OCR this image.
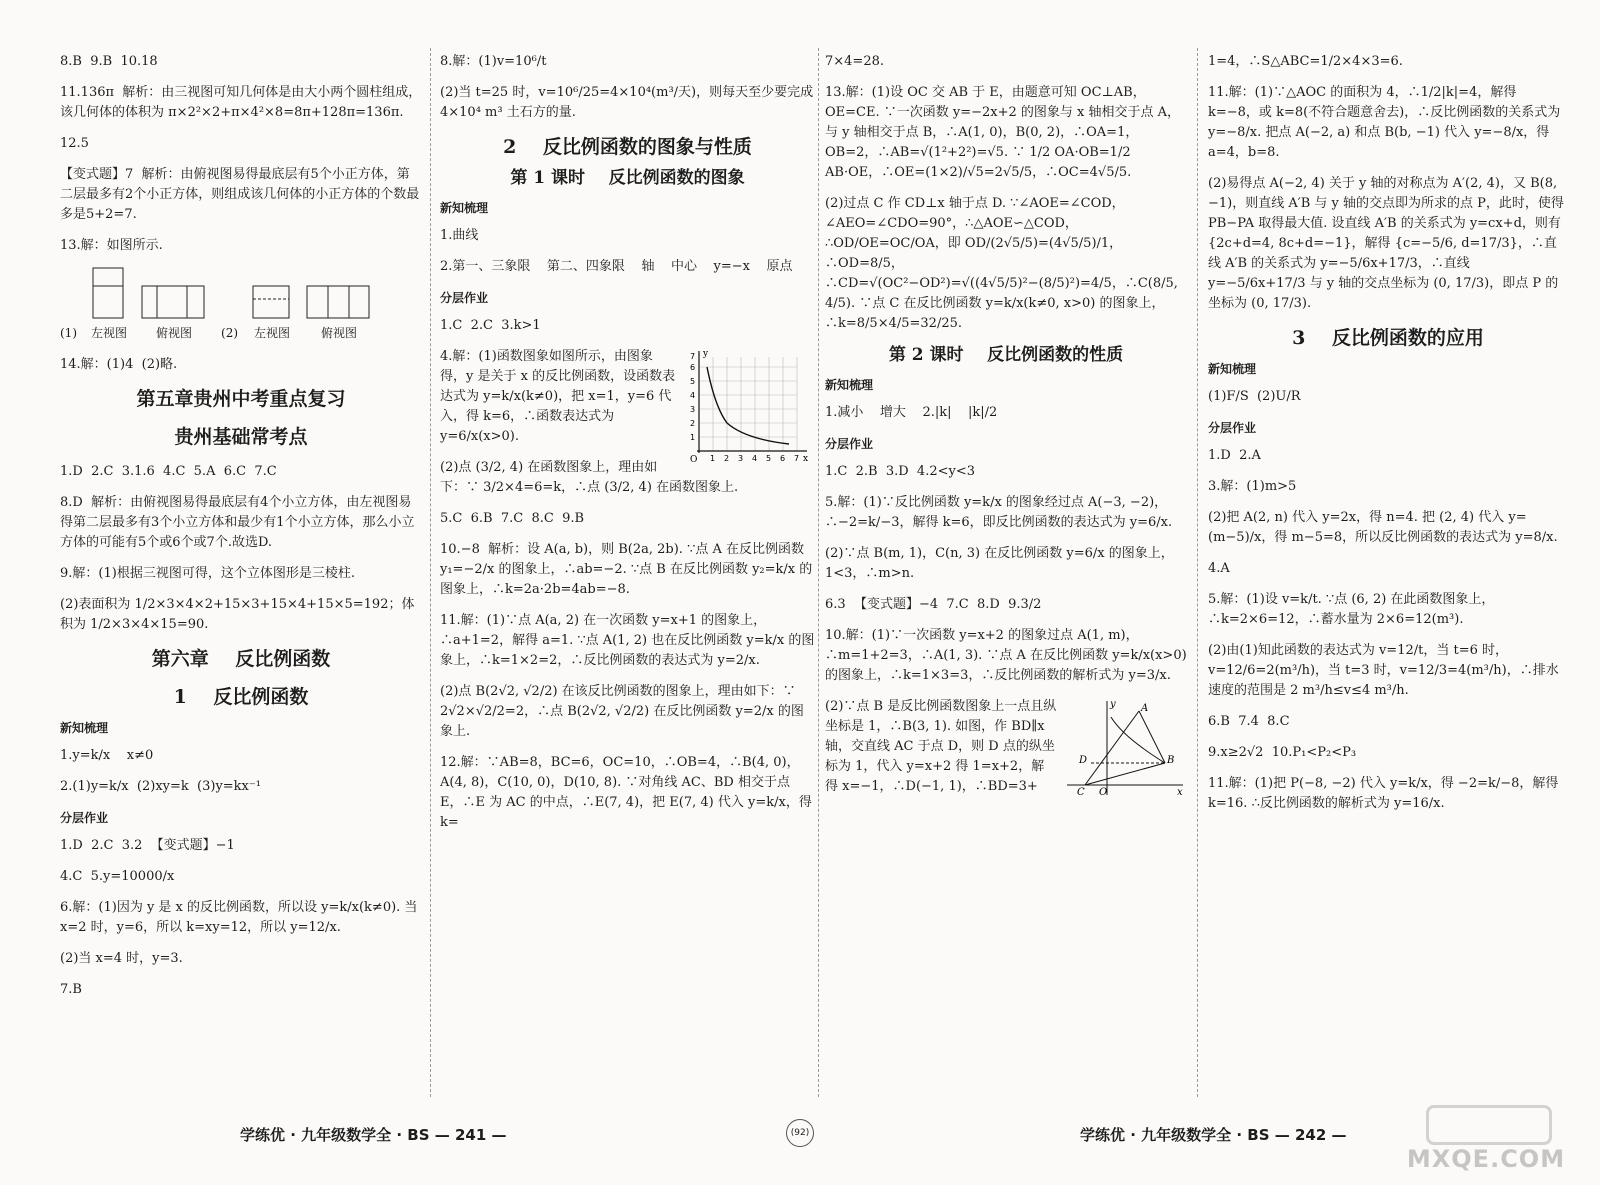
8.B  9.B  10.18

11.136π  解析：由三视图可知几何体是由大小两个圆柱组成，该几何体的体积为 π×2²×2+π×4²×8=8π+128π=136π.

12.5

【变式题】7  解析：由俯视图易得最底层有5个小正方体，第二层最多有2个小正方体，则组成该几何体的小正方体的个数最多是5+2=7.

13.解：如图所示.

(1) 左视图 俯视图 (2) 左视图	俯视图

14.解：(1)4  (2)略.

第五章贵州中考重点复习

贵州基础常考点

1.D  2.C  3.1.6  4.C  5.A  6.C  7.C

8.D  解析：由俯视图易得最底层有4个小立方体，由左视图易得第二层最多有3个小立方体和最少有1个小立方体，那么小立方体的可能有5个或6个或7个.故选D.

9.解：(1)根据三视图可得，这个立体图形是三棱柱.

(2)表面积为 1/2×3×4×2+15×3+15×4+15×5=192；体积为 1/2×3×4×15=90.

第六章    反比例函数

1    反比例函数

新知梳理

1.y=k/x    x≠0

2.(1)y=k/x  (2)xy=k  (3)y=kx⁻¹

分层作业

1.D  2.C  3.2  【变式题】−1

4.C  5.y=10000/x

6.解：(1)因为 y 是 x 的反比例函数，所以设 y=k/x(k≠0). 当 x=2 时，y=6，所以 k=xy=12，所以 y=12/x.

(2)当 x=4 时，y=3.

7.B

8.解：(1)v=10⁶/t

(2)当 t=25 时，v=10⁶/25=4×10⁴(m³/天)，则每天至少要完成 4×10⁴ m³ 土石方的量.

2    反比例函数的图象与性质

第 1 课时    反比例函数的图象

新知梳理

1.曲线

2.第一、三象限    第二、四象限    轴    中心    y=−x    原点

分层作业

1.C  2.C  3.k>1

y
x
O 1 2 3 4 5 6 7
1
2
3
4
5
6
7

4.解：(1)函数图象如图所示，由图象得，y 是关于 x 的反比例函数，设函数表达式为 y=k/x(k≠0)，把 x=1，y=6 代入，得 k=6，∴函数表达式为 y=6/x(x>0).

(2)点 (3/2, 4) 在函数图象上，理由如下：∵ 3/2×4=6=k，∴点 (3/2, 4) 在函数图象上.

5.C  6.B  7.C  8.C  9.B

10.−8  解析：设 A(a, b)，则 B(2a, 2b). ∵点 A 在反比例函数 y₁=−2/x 的图象上，∴ab=−2. ∵点 B 在反比例函数 y₂=k/x 的图象上，∴k=2a·2b=4ab=−8.

11.解：(1)∵点 A(a, 2) 在一次函数 y=x+1 的图象上，∴a+1=2，解得 a=1. ∵点 A(1, 2) 也在反比例函数 y=k/x 的图象上，∴k=1×2=2，∴反比例函数的表达式为 y=2/x.

(2)点 B(2√2, √2/2) 在该反比例函数的图象上，理由如下：∵ 2√2×√2/2=2，∴点 B(2√2, √2/2) 在反比例函数 y=2/x 的图象上.

12.解：∵AB=8，BC=6，OC=10，∴OB=4，∴B(4, 0)，A(4, 8)，C(10, 0)，D(10, 8). ∵对角线 AC、BD 相交于点 E，∴E 为 AC 的中点，∴E(7, 4)，把 E(7, 4) 代入 y=k/x，得 k=

7×4=28.

13.解：(1)设 OC 交 AB 于 E，由题意可知 OC⊥AB，OE=CE. ∵一次函数 y=−2x+2 的图象与 x 轴相交于点 A，与 y 轴相交于点 B，∴A(1, 0)，B(0, 2)，∴OA=1，OB=2，∴AB=√(1²+2²)=√5. ∵ 1/2 OA·OB=1/2 AB·OE，∴OE=(1×2)/√5=2√5/5，∴OC=4√5/5.

(2)过点 C 作 CD⊥x 轴于点 D. ∵∠AOE=∠COD，∠AEO=∠CDO=90°，∴△AOE∽△COD，∴OD/OE=OC/OA，即 OD/(2√5/5)=(4√5/5)/1，∴OD=8/5，∴CD=√(OC²−OD²)=√((4√5/5)²−(8/5)²)=4/5，∴C(8/5, 4/5). ∵点 C 在反比例函数 y=k/x(k≠0, x>0) 的图象上，∴k=8/5×4/5=32/25.

第 2 课时    反比例函数的性质

新知梳理

1.减小    增大    2.|k|    |k|/2

分层作业

1.C  2.B  3.D  4.2<y<3

5.解：(1)∵反比例函数 y=k/x 的图象经过点 A(−3, −2)，∴−2=k/−3，解得 k=6，即反比例函数的表达式为 y=6/x.

(2)∵点 B(m, 1)，C(n, 3) 在反比例函数 y=6/x 的图象上，1<3，∴m>n.

6.3  【变式题】−4  7.C  8.D  9.3/2

10.解：(1)∵一次函数 y=x+2 的图象过点 A(1, m)，∴m=1+2=3，∴A(1, 3). ∵点 A 在反比例函数 y=k/x(x>0) 的图象上，∴k=1×3=3，∴反比例函数的解析式为 y=3/x.

y	A
D	B
C O	x

(2)∵点 B 是反比例函数图象上一点且纵坐标是 1，∴B(3, 1). 如图，作 BD∥x 轴，交直线 AC 于点 D，则 D 点的纵坐标为 1，代入 y=x+2 得 1=x+2，解得 x=−1，∴D(−1, 1)，∴BD=3+

1=4，∴S△ABC=1/2×4×3=6.

11.解：(1)∵△AOC 的面积为 4，∴1/2|k|=4，解得 k=−8，或 k=8(不符合题意舍去)，∴反比例函数的关系式为 y=−8/x. 把点 A(−2, a) 和点 B(b, −1) 代入 y=−8/x，得 a=4，b=8.

(2)易得点 A(−2, 4) 关于 y 轴的对称点为 A′(2, 4)，又 B(8, −1)，则直线 A′B 与 y 轴的交点即为所求的点 P，此时，使得 PB−PA 取得最大值. 设直线 A′B 的关系式为 y=cx+d，则有 {2c+d=4, 8c+d=−1}，解得 {c=−5/6, d=17/3}，∴直线 A′B 的关系式为 y=−5/6x+17/3，∴直线 y=−5/6x+17/3 与 y 轴的交点坐标为 (0, 17/3)，即点 P 的坐标为 (0, 17/3).

3    反比例函数的应用

新知梳理

(1)F/S  (2)U/R

分层作业

1.D  2.A

3.解：(1)m>5

(2)把 A(2, n) 代入 y=2x，得 n=4. 把 (2, 4) 代入 y=(m−5)/x，得 m−5=8，所以反比例函数的表达式为 y=8/x.

4.A

5.解：(1)设 v=k/t. ∵点 (6, 2) 在此函数图象上，∴k=2×6=12，∴蓄水量为 2×6=12(m³).

(2)由(1)知此函数的表达式为 v=12/t，当 t=6 时，v=12/6=2(m³/h)，当 t=3 时，v=12/3=4(m³/h)，∴排水速度的范围是 2 m³/h≤v≤4 m³/h.

6.B  7.4  8.C

9.x≥2√2  10.P₁<P₂<P₃

11.解：(1)把 P(−8, −2) 代入 y=k/x，得 −2=k/−8，解得 k=16. ∴反比例函数的解析式为 y=16/x.

学练优 · 九年级数学全 · BS — 241 —	(92)	学练优 · 九年级数学全 · BS — 242 —
MXQE.COM
